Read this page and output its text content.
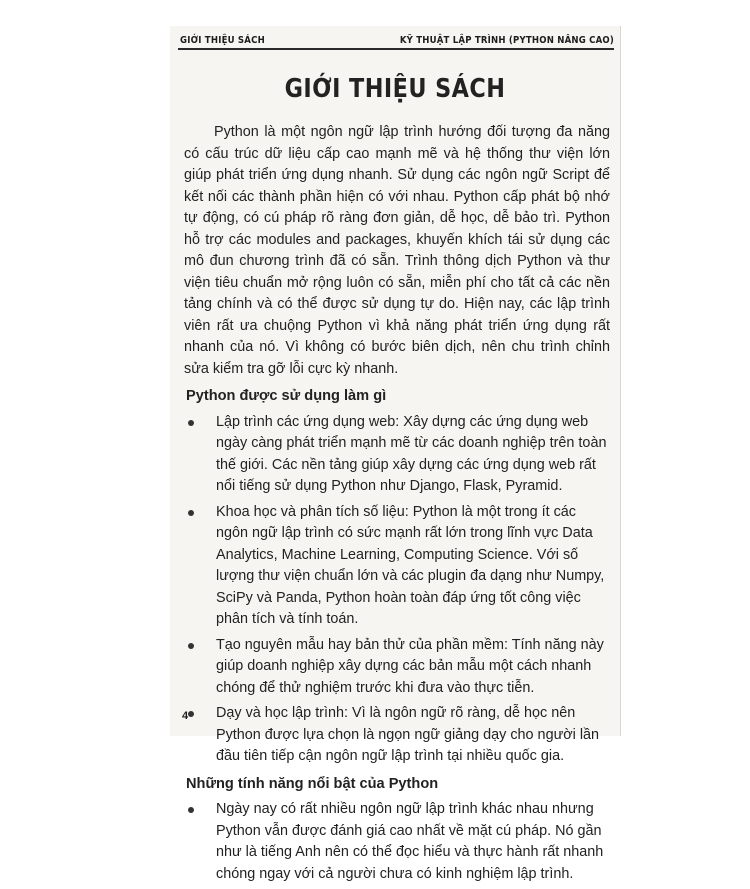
GIỚI THIỆU SÁCH	KỸ THUẬT LẬP TRÌNH (PYTHON NÂNG CAO)
GIỚI THIỆU SÁCH

Python là một ngôn ngữ lập trình hướng đối tượng đa năng có cấu trúc dữ liệu cấp cao mạnh mẽ và hệ thống thư viện lớn giúp phát triển ứng dụng nhanh. Sử dụng các ngôn ngữ Script để kết nối các thành phần hiện có với nhau. Python cấp phát bộ nhớ tự động, có cú pháp rõ ràng đơn giản, dễ học, dễ bảo trì. Python hỗ trợ các modules and packages, khuyến khích tái sử dụng các mô đun chương trình đã có sẵn. Trình thông dịch Python và thư viện tiêu chuẩn mở rộng luôn có sẵn, miễn phí cho tất cả các nền tảng chính và có thể được sử dụng tự do. Hiện nay, các lập trình viên rất ưa chuộng Python vì khả năng phát triển ứng dụng rất nhanh của nó. Vì không có bước biên dịch, nên chu trình chỉnh sửa kiểm tra gỡ lỗi cực kỳ nhanh.

Python được sử dụng làm gì
Lập trình các ứng dụng web: Xây dựng các ứng dụng web ngày càng phát triển mạnh mẽ từ các doanh nghiệp trên toàn thế giới. Các nền tảng giúp xây dựng các ứng dụng web rất nổi tiếng sử dụng Python như Django, Flask, Pyramid.
Khoa học và phân tích số liệu: Python là một trong ít các ngôn ngữ lập trình có sức mạnh rất lớn trong lĩnh vực Data Analytics, Machine Learning, Computing Science. Với số lượng thư viện chuẩn lớn và các plugin đa dạng như Numpy, SciPy và Panda, Python hoàn toàn đáp ứng tốt công việc phân tích và tính toán.
Tạo nguyên mẫu hay bản thử của phần mềm: Tính năng này giúp doanh nghiệp xây dựng các bản mẫu một cách nhanh chóng để thử nghiệm trước khi đưa vào thực tiễn.
Dạy và học lập trình: Vì là ngôn ngữ rõ ràng, dễ học nên Python được lựa chọn là ngọn ngữ giảng dạy cho người lần đầu tiên tiếp cận ngôn ngữ lập trình tại nhiều quốc gia.
Những tính năng nổi bật của Python
Ngày nay có rất nhiều ngôn ngữ lập trình khác nhau nhưng Python vẫn được đánh giá cao nhất về mặt cú pháp. Nó gần như là tiếng Anh nên có thể đọc hiểu và thực hành rất nhanh chóng ngay với cả người chưa có kinh nghiệm lập trình.
4
